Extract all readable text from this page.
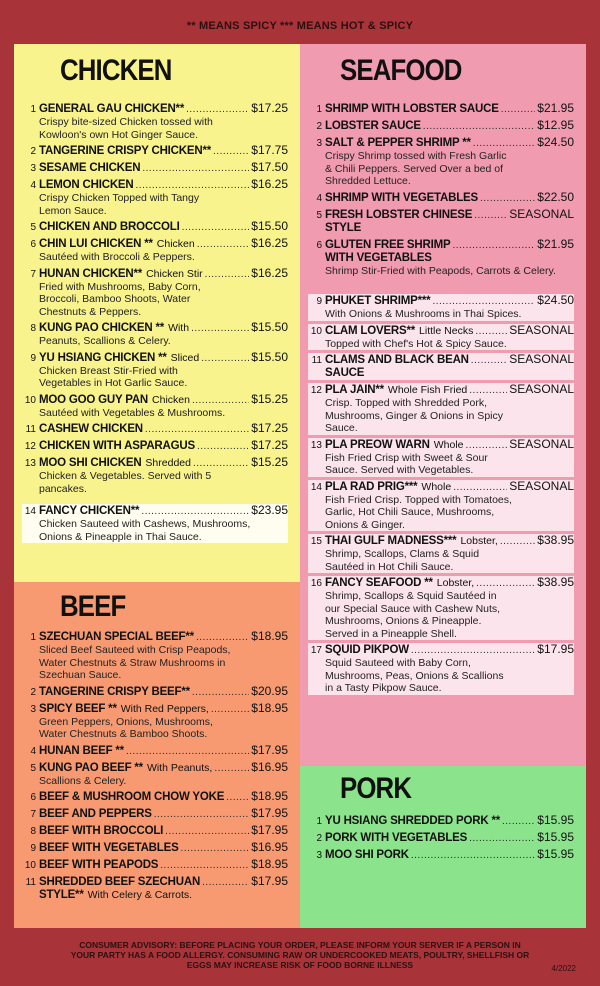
** MEANS SPICY *** MEANS HOT & SPICY
CHICKEN
1 GENERAL GAU CHICKEN** .....	$17.25
Crispy bite-sized Chicken tossed with
Kowloon's own Hot Ginger Sauce.
2 TANGERINE CRISPY CHICKEN** .....	$17.75
3 SESAME CHICKEN .....	$17.50
4 LEMON CHICKEN .....	$16.25
Crispy Chicken Topped with Tangy
Lemon Sauce.
5 CHICKEN AND BROCCOLI .....	$15.50
6 CHIN LUI CHICKEN ** Chicken .....	$16.25
Sautéed with Broccoli & Peppers.
7 HUNAN CHICKEN** Chicken Stir .....	$16.25
Fried with Mushrooms, Baby Corn,
Broccoli, Bamboo Shoots, Water
Chestnuts & Peppers.
8 KUNG PAO CHICKEN ** With .....	$15.50
Peanuts, Scallions & Celery.
9 YU HSIANG CHICKEN ** Sliced .....	$15.50
Chicken Breast Stir-Fried with
Vegetables in Hot Garlic Sauce.
10 MOO GOO GUY PAN Chicken .....	$15.25
Sautéed with Vegetables & Mushrooms.
11 CASHEW CHICKEN .....	$17.25
12 CHICKEN WITH ASPARAGUS .....	$17.25
13 MOO SHI CHICKEN Shredded .....	$15.25
Chicken & Vegetables. Served with 5
pancakes.
14 FANCY CHICKEN** .....	$23.95
Chicken Sauteed with Cashews, Mushrooms,
Onions & Pineapple in Thai Sauce.
BEEF
1 SZECHUAN SPECIAL BEEF** .....	$18.95
Sliced Beef Sauteed with Crisp Peapods,
Water Chestnuts & Straw Mushrooms in
Szechuan Sauce.
2 TANGERINE CRISPY BEEF** .....	$20.95
3 SPICY BEEF ** With Red Peppers, .....	$18.95
Green Peppers, Onions, Mushrooms,
Water Chestnuts & Bamboo Shoots.
4 HUNAN BEEF ** .....	$17.95
5 KUNG PAO BEEF ** With Peanuts, .....	$16.95
Scallions & Celery.
6 BEEF & MUSHROOM CHOW YOKE ..... $18.95
7 BEEF AND PEPPERS .....	$17.95
8 BEEF WITH BROCCOLI .....	$17.95
9 BEEF WITH VEGETABLES .....	$16.95
10 BEEF WITH PEAPODS .....	$18.95
11 SHREDDED BEEF SZECHUAN .....	$17.95
STYLE** With Celery & Carrots.
SEAFOOD
1 SHRIMP WITH LOBSTER SAUCE .....	$21.95
2 LOBSTER SAUCE .....	$12.95
3 SALT & PEPPER SHRIMP ** .....	$24.50
Crispy Shrimp tossed with Fresh Garlic
& Chili Peppers. Served Over a bed of
Shredded Lettuce.
4 SHRIMP WITH VEGETABLES .....	$22.50
5 FRESH LOBSTER CHINESE .....	SEASONAL
STYLE
6 GLUTEN FREE SHRIMP .....	$21.95
WITH VEGETABLES
Shrimp Stir-Fried with Peapods, Carrots & Celery.
9 PHUKET SHRIMP*** .....	$24.50
With Onions & Mushrooms in Thai Spices.
10 CLAM LOVERS** Little Necks .....	SEASONAL
Topped with Chef's Hot & Spicy Sauce.
11 CLAMS AND BLACK BEAN .....	SEASONAL
SAUCE
12 PLA JAIN** Whole Fish Fried .....	SEASONAL
Crisp. Topped with Shredded Pork,
Mushrooms, Ginger & Onions in Spicy
Sauce.
13 PLA PREOW WARN Whole .....	SEASONAL
Fish Fried Crisp with Sweet & Sour
Sauce. Served with Vegetables.
14 PLA RAD PRIG*** Whole .....	SEASONAL
Fish Fried Crisp. Topped with Tomatoes,
Garlic, Hot Chili Sauce, Mushrooms,
Onions & Ginger.
15 THAI GULF MADNESS*** Lobster, .....	$38.95
Shrimp, Scallops, Clams & Squid
Sautéed in Hot Chili Sauce.
16 FANCY SEAFOOD ** Lobster, .....	$38.95
Shrimp, Scallops & Squid Sautéed in
our Special Sauce with Cashew Nuts,
Mushrooms, Onions & Pineapple.
Served in a Pineapple Shell.
17 SQUID PIKPOW .....	$17.95
Squid Sauteed with Baby Corn,
Mushrooms, Peas, Onions & Scallions
in a Tasty Pikpow Sauce.
PORK
1 YU HSIANG SHREDDED PORK ** .....	$15.95
2 PORK WITH VEGETABLES .....	$15.95
3 MOO SHI PORK .....	$15.95
CONSUMER ADVISORY: BEFORE PLACING YOUR ORDER, PLEASE INFORM YOUR SERVER IF A PERSON IN YOUR PARTY HAS A FOOD ALLERGY. CONSUMING RAW OR UNDERCOOKED MEATS, POULTRY, SHELLFISH OR EGGS MAY INCREASE RISK OF FOOD BORNE ILLNESS	4/2022
